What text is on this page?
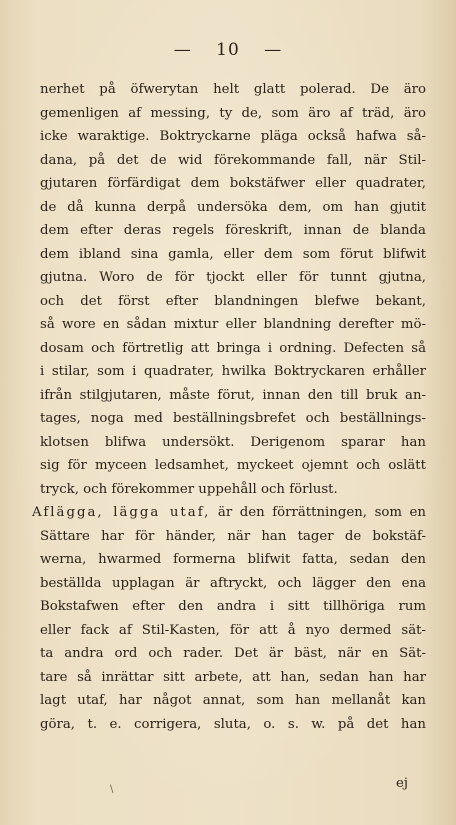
— 10 —
nerhet på öfwerytan helt glatt polerad. De äro
gemenligen af messing, ty de, som äro af träd, äro
icke waraktige. Boktryckarne pläga också hafwa så-
dana, på det de wid förekommande fall, när Stil-
gjutaren förfärdigat dem bokstäfwer eller quadrater,
de då kunna derpå undersöka dem, om han gjutit
dem efter deras regels föreskrift, innan de blanda
dem ibland sina gamla, eller dem som förut blifwit
gjutna. Woro de för tjockt eller för tunnt gjutna,
och det först efter blandningen blefwe bekant,
så wore en sådan mixtur eller blandning derefter mö-
dosam och förtretlig att bringa i ordning. Defecten så
i stilar, som i quadrater, hwilka Boktryckaren erhåller
ifrån stilgjutaren, måste förut, innan den till bruk an-
tages, noga med beställningsbrefet och beställnings-
klotsen blifwa undersökt. Derigenom sparar han
sig för myceen ledsamhet, myckeet ojemnt och oslätt
tryck, och förekommer uppehåll och förlust.
Aflägga, lägga utaf, är den förrättningen, som en
Sättare har för händer, när han tager de bokstäf-
werna, hwarmed formerna blifwit fatta, sedan den
beställda upplagan är aftryckt, och lägger den ena
Bokstafwen efter den andra i sitt tillhöriga rum
eller fack af Stil-Kasten, för att å nyo dermed sät-
ta andra ord och rader. Det är bäst, när en Sät-
tare så inrättar sitt arbete, att han, sedan han har
lagt utaf, har något annat, som han mellanåt kan
göra, t. e. corrigera, sluta, o. s. w. på det han
\	ej
